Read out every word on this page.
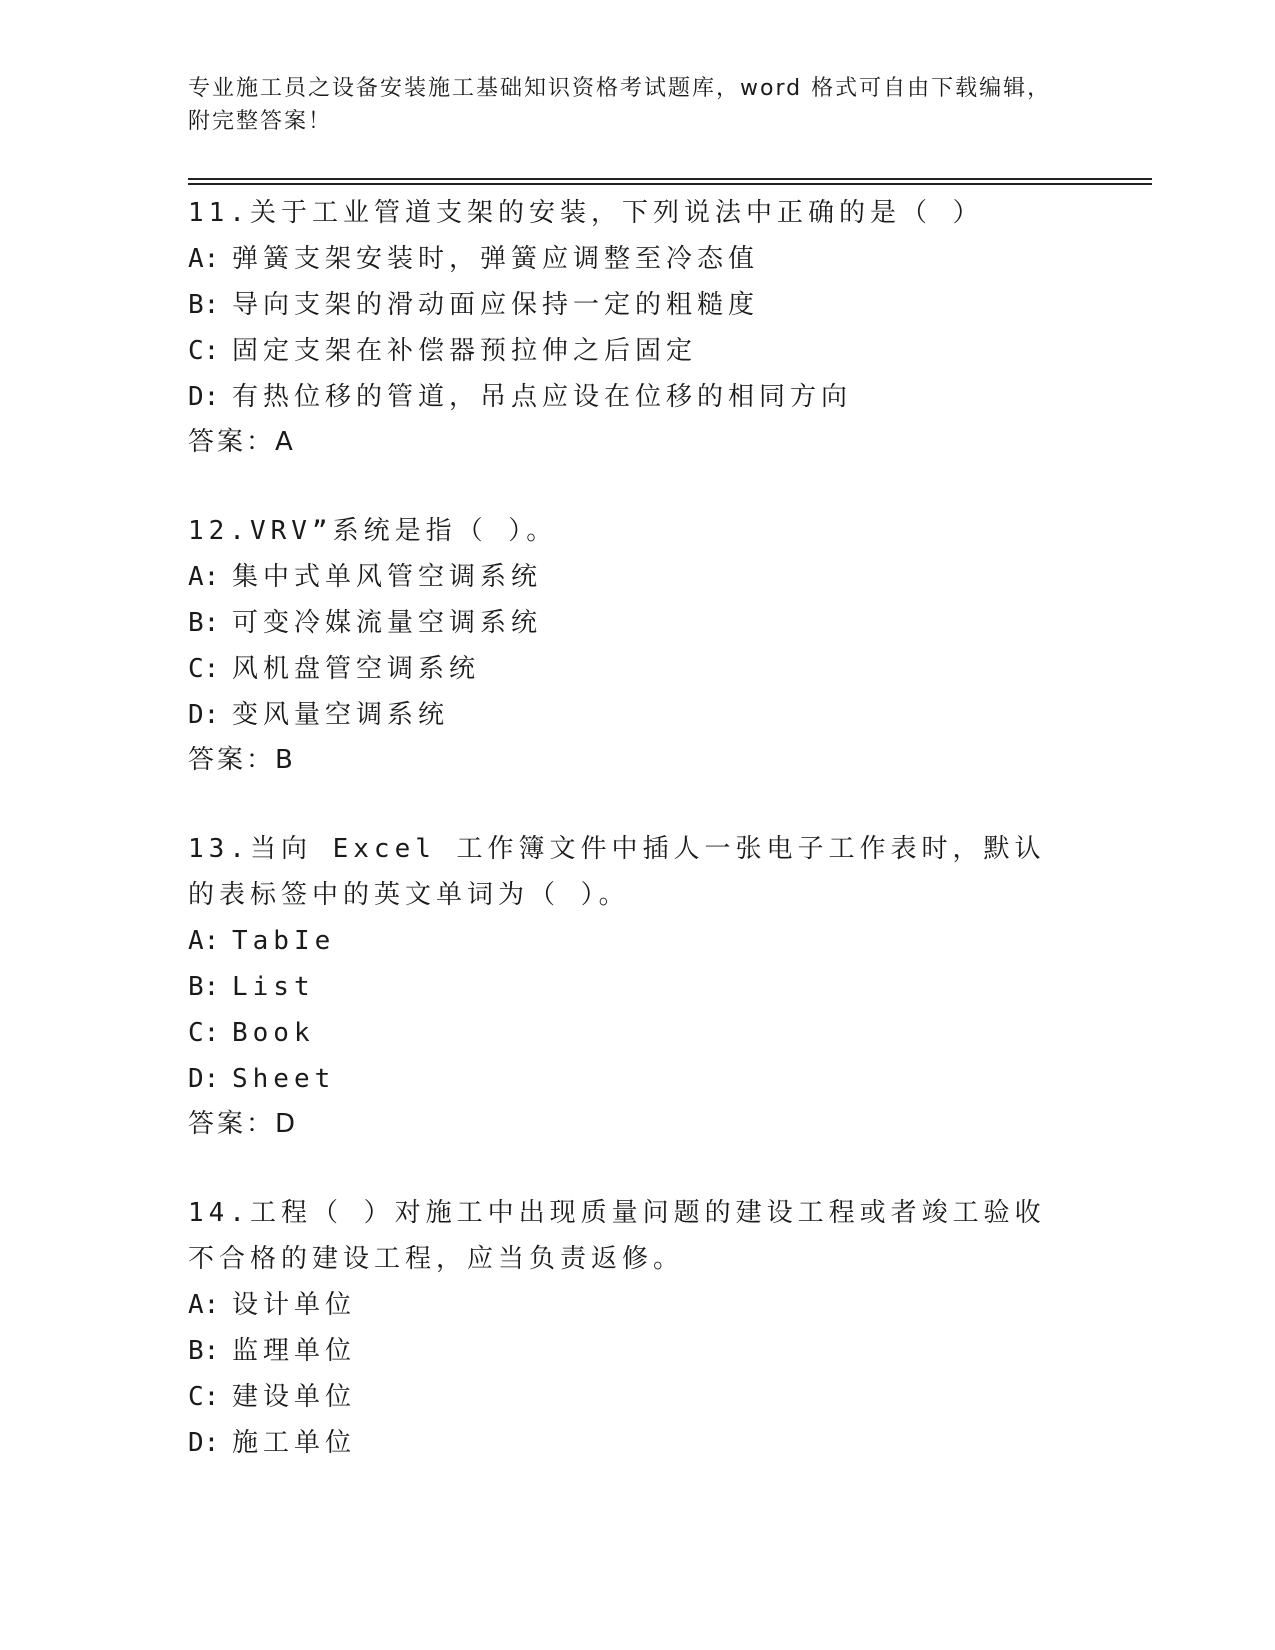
专业施工员之设备安装施工基础知识资格考试题库，word 格式可自由下载编辑，
附完整答案！

11.关于工业管道支架的安装，下列说法中正确的是（ ）

A: 弹簧支架安装时，弹簧应调整至冷态值

B: 导向支架的滑动面应保持一定的粗糙度

C: 固定支架在补偿器预拉伸之后固定

D: 有热位移的管道，吊点应设在位移的相同方向

答案：A

12.VRV”系统是指（ ）。

A: 集中式单风管空调系统

B: 可变冷媒流量空调系统

C: 风机盘管空调系统

D: 变风量空调系统

答案：B

13.当向 Excel 工作簿文件中插人一张电子工作表时，默认的表标签中的英文单词为（ ）。

A: TabIe

B: List

C: Book

D: Sheet

答案：D

14.工程（ ）对施工中出现质量问题的建设工程或者竣工验收不合格的建设工程，应当负责返修。

A: 设计单位

B: 监理单位

C: 建设单位

D: 施工单位
